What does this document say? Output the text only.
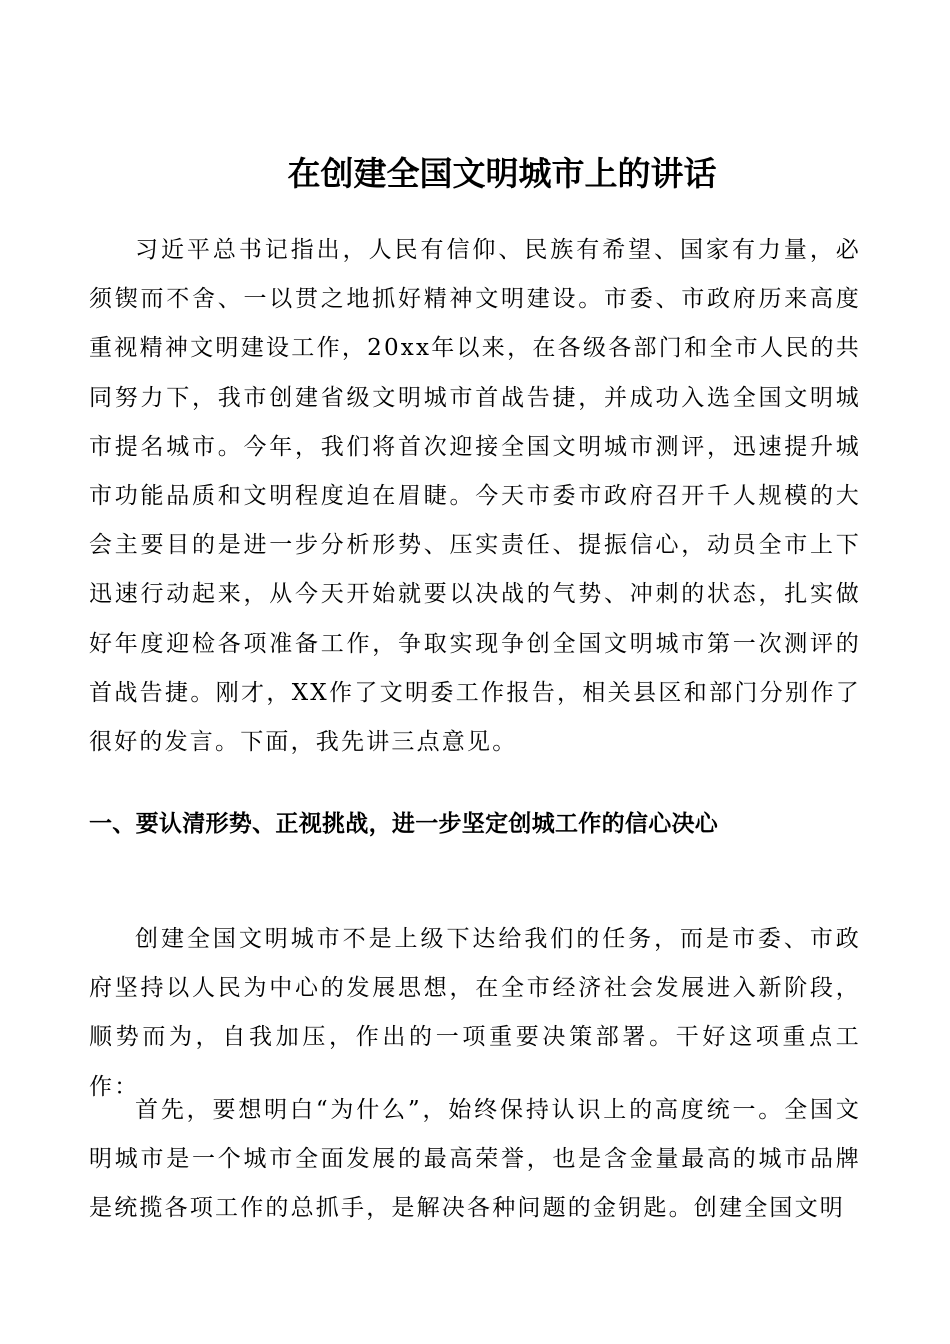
在创建全国文明城市上的讲话

习近平总书记指出，人民有信仰、民族有希望、国家有力量，必须锲而不舍、一以贯之地抓好精神文明建设。市委、市政府历来高度重视精神文明建设工作，20xx年以来，在各级各部门和全市人民的共同努力下，我市创建省级文明城市首战告捷，并成功入选全国文明城市提名城市。今年，我们将首次迎接全国文明城市测评，迅速提升城市功能品质和文明程度迫在眉睫。今天市委市政府召开千人规模的大会主要目的是进一步分析形势、压实责任、提振信心，动员全市上下迅速行动起来，从今天开始就要以决战的气势、冲刺的状态，扎实做好年度迎检各项准备工作，争取实现争创全国文明城市第一次测评的首战告捷。刚才，XX作了文明委工作报告，相关县区和部门分别作了很好的发言。下面，我先讲三点意见。

一、要认清形势、正视挑战，进一步坚定创城工作的信心决心

创建全国文明城市不是上级下达给我们的任务，而是市委、市政府坚持以人民为中心的发展思想，在全市经济社会发展进入新阶段，顺势而为，自我加压，作出的一项重要决策部署。干好这项重点工作：

首先，要想明白“为什么”，始终保持认识上的高度统一。全国文明城市是一个城市全面发展的最高荣誉，也是含金量最高的城市品牌是统揽各项工作的总抓手，是解决各种问题的金钥匙。创建全国文明
